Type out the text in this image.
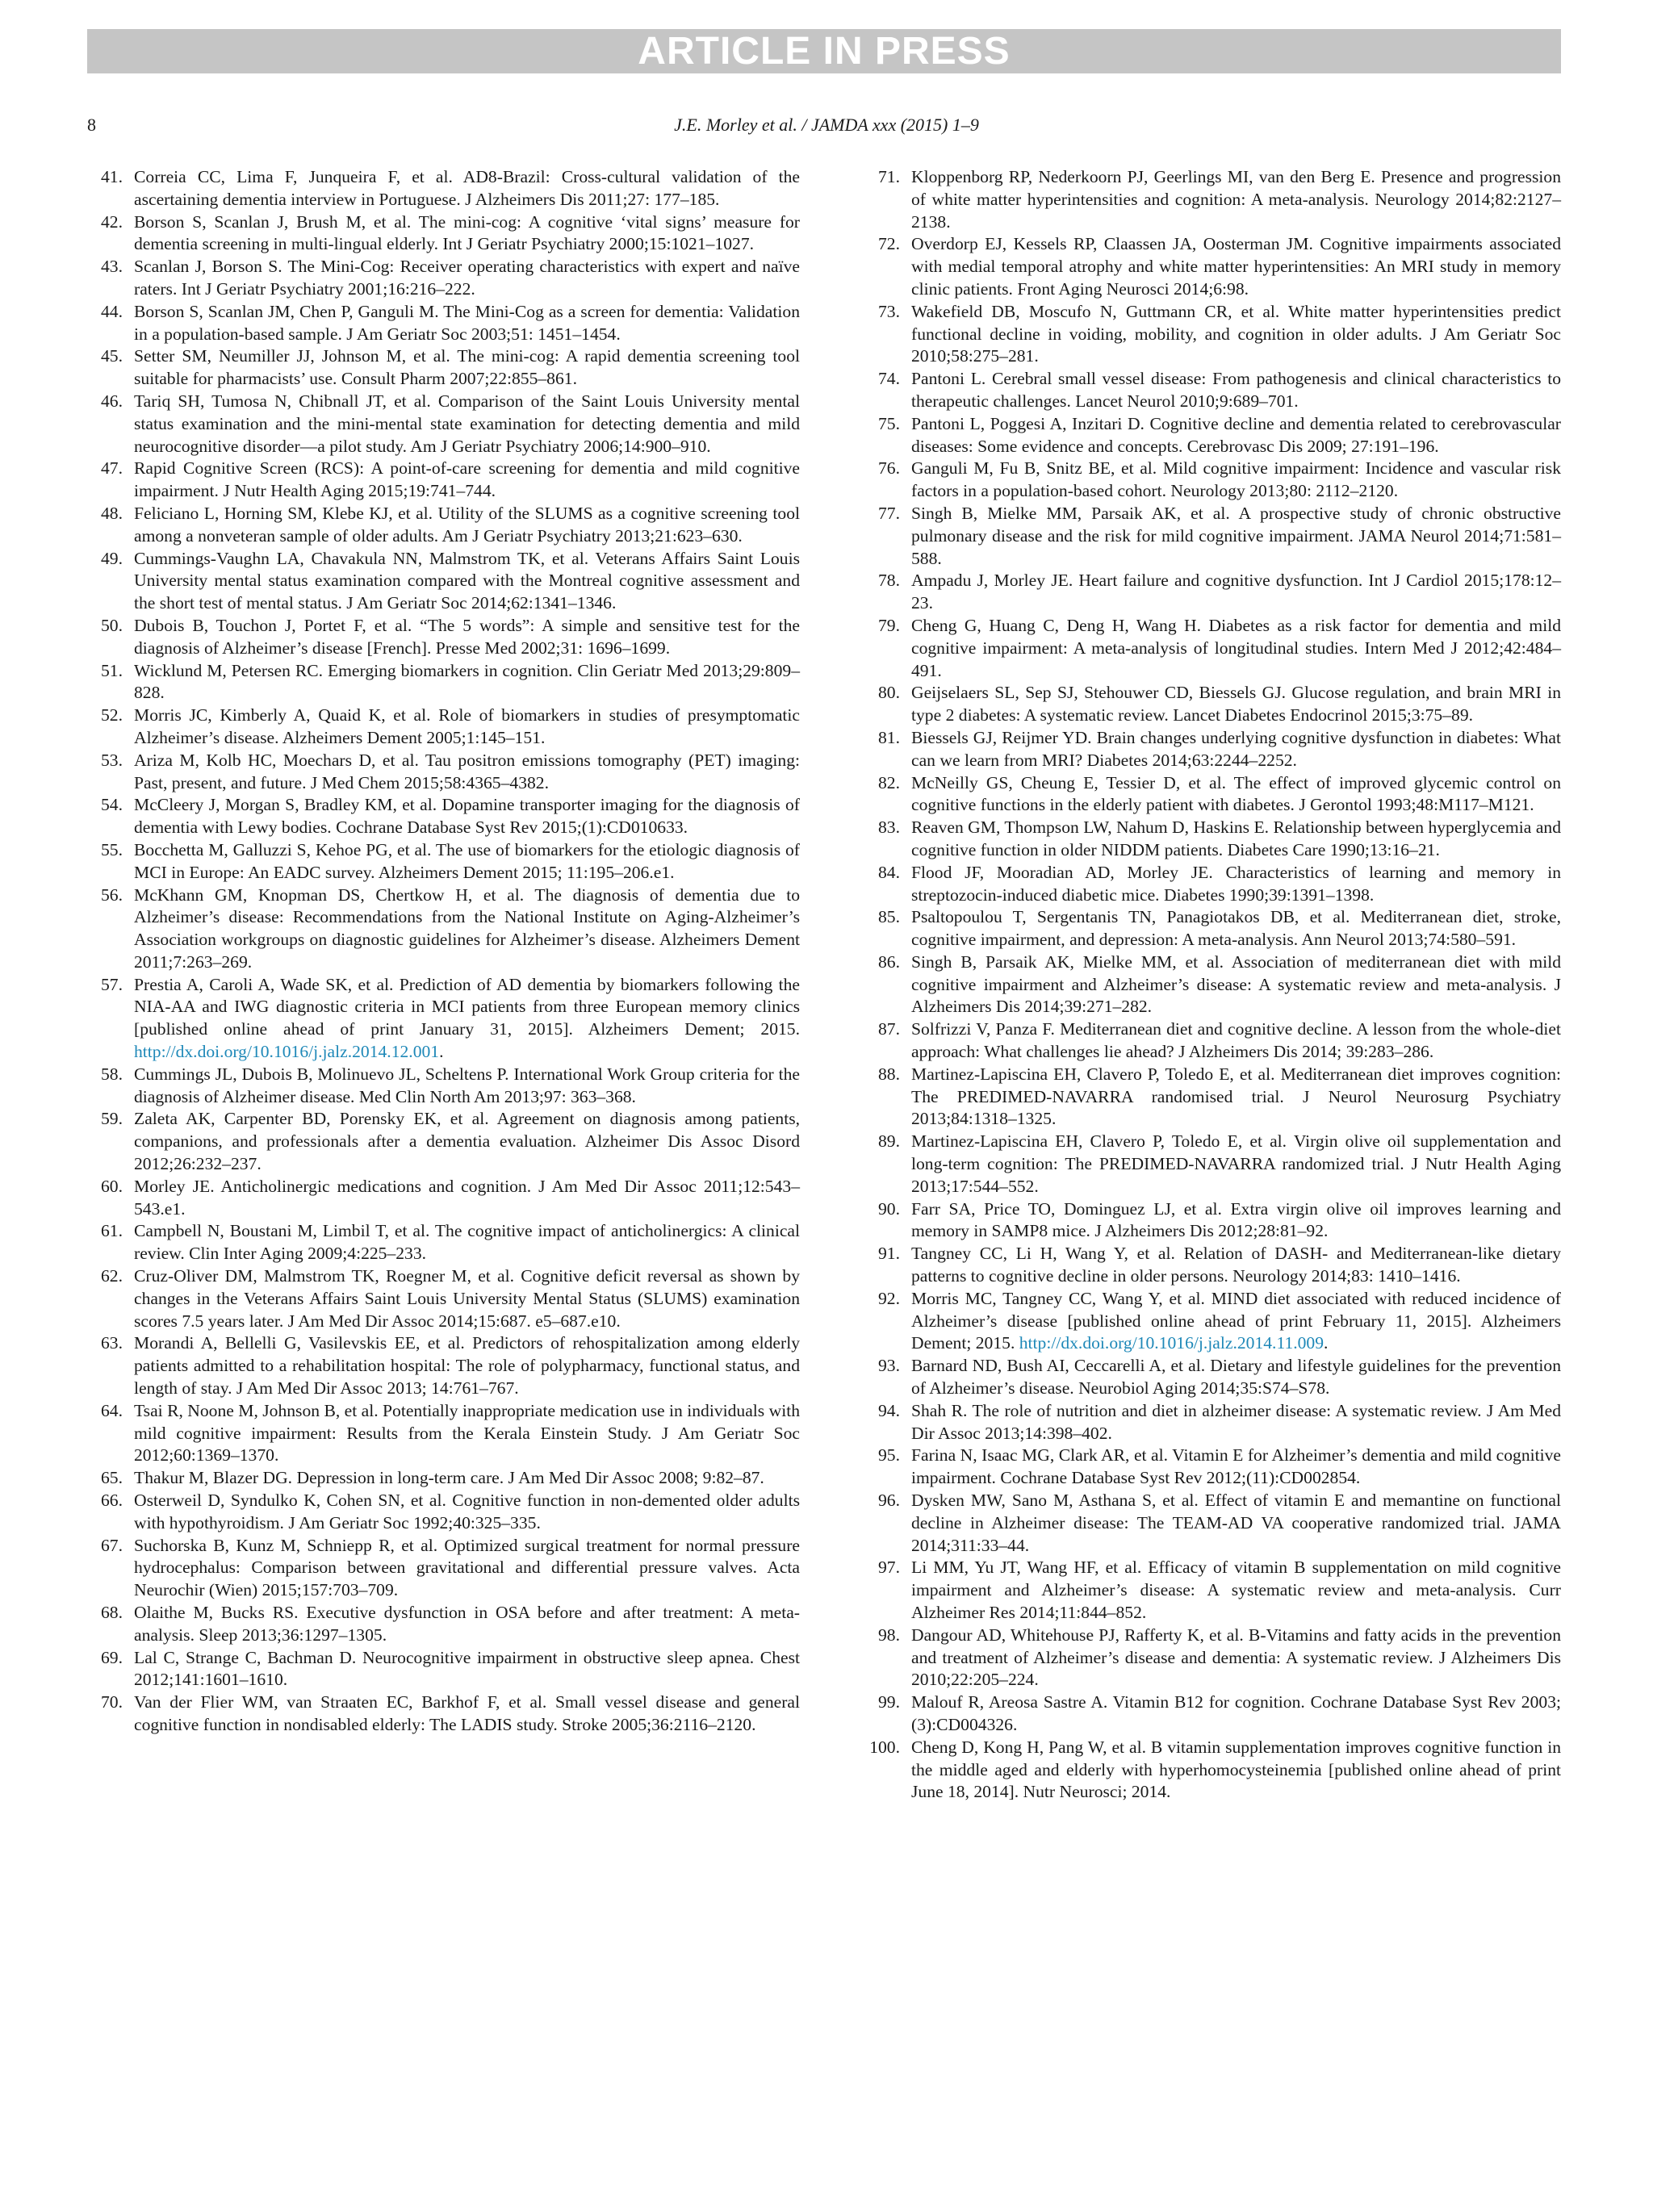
ARTICLE IN PRESS
8	J.E. Morley et al. / JAMDA xxx (2015) 1–9
41. Correia CC, Lima F, Junqueira F, et al. AD8-Brazil: Cross-cultural validation of the ascertaining dementia interview in Portuguese. J Alzheimers Dis 2011;27: 177–185.
42. Borson S, Scanlan J, Brush M, et al. The mini-cog: A cognitive ‘vital signs’ measure for dementia screening in multi-lingual elderly. Int J Geriatr Psychiatry 2000;15:1021–1027.
43. Scanlan J, Borson S. The Mini-Cog: Receiver operating characteristics with expert and naïve raters. Int J Geriatr Psychiatry 2001;16:216–222.
44. Borson S, Scanlan JM, Chen P, Ganguli M. The Mini-Cog as a screen for dementia: Validation in a population-based sample. J Am Geriatr Soc 2003;51: 1451–1454.
45. Setter SM, Neumiller JJ, Johnson M, et al. The mini-cog: A rapid dementia screening tool suitable for pharmacists’ use. Consult Pharm 2007;22:855–861.
46. Tariq SH, Tumosa N, Chibnall JT, et al. Comparison of the Saint Louis University mental status examination and the mini-mental state examination for detecting dementia and mild neurocognitive disorder—a pilot study. Am J Geriatr Psychiatry 2006;14:900–910.
47. Rapid Cognitive Screen (RCS): A point-of-care screening for dementia and mild cognitive impairment. J Nutr Health Aging 2015;19:741–744.
48. Feliciano L, Horning SM, Klebe KJ, et al. Utility of the SLUMS as a cognitive screening tool among a nonveteran sample of older adults. Am J Geriatr Psychiatry 2013;21:623–630.
49. Cummings-Vaughn LA, Chavakula NN, Malmstrom TK, et al. Veterans Affairs Saint Louis University mental status examination compared with the Montreal cognitive assessment and the short test of mental status. J Am Geriatr Soc 2014;62:1341–1346.
50. Dubois B, Touchon J, Portet F, et al. “The 5 words”: A simple and sensitive test for the diagnosis of Alzheimer’s disease [French]. Presse Med 2002;31: 1696–1699.
51. Wicklund M, Petersen RC. Emerging biomarkers in cognition. Clin Geriatr Med 2013;29:809–828.
52. Morris JC, Kimberly A, Quaid K, et al. Role of biomarkers in studies of presymptomatic Alzheimer’s disease. Alzheimers Dement 2005;1:145–151.
53. Ariza M, Kolb HC, Moechars D, et al. Tau positron emissions tomography (PET) imaging: Past, present, and future. J Med Chem 2015;58:4365–4382.
54. McCleery J, Morgan S, Bradley KM, et al. Dopamine transporter imaging for the diagnosis of dementia with Lewy bodies. Cochrane Database Syst Rev 2015;(1):CD010633.
55. Bocchetta M, Galluzzi S, Kehoe PG, et al. The use of biomarkers for the etiologic diagnosis of MCI in Europe: An EADC survey. Alzheimers Dement 2015; 11:195–206.e1.
56. McKhann GM, Knopman DS, Chertkow H, et al. The diagnosis of dementia due to Alzheimer’s disease: Recommendations from the National Institute on Aging-Alzheimer’s Association workgroups on diagnostic guidelines for Alzheimer’s disease. Alzheimers Dement 2011;7:263–269.
57. Prestia A, Caroli A, Wade SK, et al. Prediction of AD dementia by biomarkers following the NIA-AA and IWG diagnostic criteria in MCI patients from three European memory clinics [published online ahead of print January 31, 2015]. Alzheimers Dement; 2015. http://dx.doi.org/10.1016/j.jalz.2014.12.001.
58. Cummings JL, Dubois B, Molinuevo JL, Scheltens P. International Work Group criteria for the diagnosis of Alzheimer disease. Med Clin North Am 2013;97: 363–368.
59. Zaleta AK, Carpenter BD, Porensky EK, et al. Agreement on diagnosis among patients, companions, and professionals after a dementia evaluation. Alzheimer Dis Assoc Disord 2012;26:232–237.
60. Morley JE. Anticholinergic medications and cognition. J Am Med Dir Assoc 2011;12:543–543.e1.
61. Campbell N, Boustani M, Limbil T, et al. The cognitive impact of anticholinergics: A clinical review. Clin Inter Aging 2009;4:225–233.
62. Cruz-Oliver DM, Malmstrom TK, Roegner M, et al. Cognitive deficit reversal as shown by changes in the Veterans Affairs Saint Louis University Mental Status (SLUMS) examination scores 7.5 years later. J Am Med Dir Assoc 2014;15:687. e5–687.e10.
63. Morandi A, Bellelli G, Vasilevskis EE, et al. Predictors of rehospitalization among elderly patients admitted to a rehabilitation hospital: The role of polypharmacy, functional status, and length of stay. J Am Med Dir Assoc 2013; 14:761–767.
64. Tsai R, Noone M, Johnson B, et al. Potentially inappropriate medication use in individuals with mild cognitive impairment: Results from the Kerala Einstein Study. J Am Geriatr Soc 2012;60:1369–1370.
65. Thakur M, Blazer DG. Depression in long-term care. J Am Med Dir Assoc 2008; 9:82–87.
66. Osterweil D, Syndulko K, Cohen SN, et al. Cognitive function in non-demented older adults with hypothyroidism. J Am Geriatr Soc 1992;40:325–335.
67. Suchorska B, Kunz M, Schniepp R, et al. Optimized surgical treatment for normal pressure hydrocephalus: Comparison between gravitational and differential pressure valves. Acta Neurochir (Wien) 2015;157:703–709.
68. Olaithe M, Bucks RS. Executive dysfunction in OSA before and after treatment: A meta-analysis. Sleep 2013;36:1297–1305.
69. Lal C, Strange C, Bachman D. Neurocognitive impairment in obstructive sleep apnea. Chest 2012;141:1601–1610.
70. Van der Flier WM, van Straaten EC, Barkhof F, et al. Small vessel disease and general cognitive function in nondisabled elderly: The LADIS study. Stroke 2005;36:2116–2120.
71. Kloppenborg RP, Nederkoorn PJ, Geerlings MI, van den Berg E. Presence and progression of white matter hyperintensities and cognition: A meta-analysis. Neurology 2014;82:2127–2138.
72. Overdorp EJ, Kessels RP, Claassen JA, Oosterman JM. Cognitive impairments associated with medial temporal atrophy and white matter hyperintensities: An MRI study in memory clinic patients. Front Aging Neurosci 2014;6:98.
73. Wakefield DB, Moscufo N, Guttmann CR, et al. White matter hyperintensities predict functional decline in voiding, mobility, and cognition in older adults. J Am Geriatr Soc 2010;58:275–281.
74. Pantoni L. Cerebral small vessel disease: From pathogenesis and clinical characteristics to therapeutic challenges. Lancet Neurol 2010;9:689–701.
75. Pantoni L, Poggesi A, Inzitari D. Cognitive decline and dementia related to cerebrovascular diseases: Some evidence and concepts. Cerebrovasc Dis 2009; 27:191–196.
76. Ganguli M, Fu B, Snitz BE, et al. Mild cognitive impairment: Incidence and vascular risk factors in a population-based cohort. Neurology 2013;80: 2112–2120.
77. Singh B, Mielke MM, Parsaik AK, et al. A prospective study of chronic obstructive pulmonary disease and the risk for mild cognitive impairment. JAMA Neurol 2014;71:581–588.
78. Ampadu J, Morley JE. Heart failure and cognitive dysfunction. Int J Cardiol 2015;178:12–23.
79. Cheng G, Huang C, Deng H, Wang H. Diabetes as a risk factor for dementia and mild cognitive impairment: A meta-analysis of longitudinal studies. Intern Med J 2012;42:484–491.
80. Geijselaers SL, Sep SJ, Stehouwer CD, Biessels GJ. Glucose regulation, and brain MRI in type 2 diabetes: A systematic review. Lancet Diabetes Endocrinol 2015;3:75–89.
81. Biessels GJ, Reijmer YD. Brain changes underlying cognitive dysfunction in diabetes: What can we learn from MRI? Diabetes 2014;63:2244–2252.
82. McNeilly GS, Cheung E, Tessier D, et al. The effect of improved glycemic control on cognitive functions in the elderly patient with diabetes. J Gerontol 1993;48:M117–M121.
83. Reaven GM, Thompson LW, Nahum D, Haskins E. Relationship between hyperglycemia and cognitive function in older NIDDM patients. Diabetes Care 1990;13:16–21.
84. Flood JF, Mooradian AD, Morley JE. Characteristics of learning and memory in streptozocin-induced diabetic mice. Diabetes 1990;39:1391–1398.
85. Psaltopoulou T, Sergentanis TN, Panagiotakos DB, et al. Mediterranean diet, stroke, cognitive impairment, and depression: A meta-analysis. Ann Neurol 2013;74:580–591.
86. Singh B, Parsaik AK, Mielke MM, et al. Association of mediterranean diet with mild cognitive impairment and Alzheimer’s disease: A systematic review and meta-analysis. J Alzheimers Dis 2014;39:271–282.
87. Solfrizzi V, Panza F. Mediterranean diet and cognitive decline. A lesson from the whole-diet approach: What challenges lie ahead? J Alzheimers Dis 2014; 39:283–286.
88. Martinez-Lapiscina EH, Clavero P, Toledo E, et al. Mediterranean diet improves cognition: The PREDIMED-NAVARRA randomised trial. J Neurol Neurosurg Psychiatry 2013;84:1318–1325.
89. Martinez-Lapiscina EH, Clavero P, Toledo E, et al. Virgin olive oil supplementation and long-term cognition: The PREDIMED-NAVARRA randomized trial. J Nutr Health Aging 2013;17:544–552.
90. Farr SA, Price TO, Dominguez LJ, et al. Extra virgin olive oil improves learning and memory in SAMP8 mice. J Alzheimers Dis 2012;28:81–92.
91. Tangney CC, Li H, Wang Y, et al. Relation of DASH- and Mediterranean-like dietary patterns to cognitive decline in older persons. Neurology 2014;83: 1410–1416.
92. Morris MC, Tangney CC, Wang Y, et al. MIND diet associated with reduced incidence of Alzheimer’s disease [published online ahead of print February 11, 2015]. Alzheimers Dement; 2015. http://dx.doi.org/10.1016/j.jalz.2014.11.009.
93. Barnard ND, Bush AI, Ceccarelli A, et al. Dietary and lifestyle guidelines for the prevention of Alzheimer’s disease. Neurobiol Aging 2014;35:S74–S78.
94. Shah R. The role of nutrition and diet in alzheimer disease: A systematic review. J Am Med Dir Assoc 2013;14:398–402.
95. Farina N, Isaac MG, Clark AR, et al. Vitamin E for Alzheimer’s dementia and mild cognitive impairment. Cochrane Database Syst Rev 2012;(11):CD002854.
96. Dysken MW, Sano M, Asthana S, et al. Effect of vitamin E and memantine on functional decline in Alzheimer disease: The TEAM-AD VA cooperative randomized trial. JAMA 2014;311:33–44.
97. Li MM, Yu JT, Wang HF, et al. Efficacy of vitamin B supplementation on mild cognitive impairment and Alzheimer’s disease: A systematic review and meta-analysis. Curr Alzheimer Res 2014;11:844–852.
98. Dangour AD, Whitehouse PJ, Rafferty K, et al. B-Vitamins and fatty acids in the prevention and treatment of Alzheimer’s disease and dementia: A systematic review. J Alzheimers Dis 2010;22:205–224.
99. Malouf R, Areosa Sastre A. Vitamin B12 for cognition. Cochrane Database Syst Rev 2003;(3):CD004326.
100. Cheng D, Kong H, Pang W, et al. B vitamin supplementation improves cognitive function in the middle aged and elderly with hyperhomocysteinemia [published online ahead of print June 18, 2014]. Nutr Neurosci; 2014.
